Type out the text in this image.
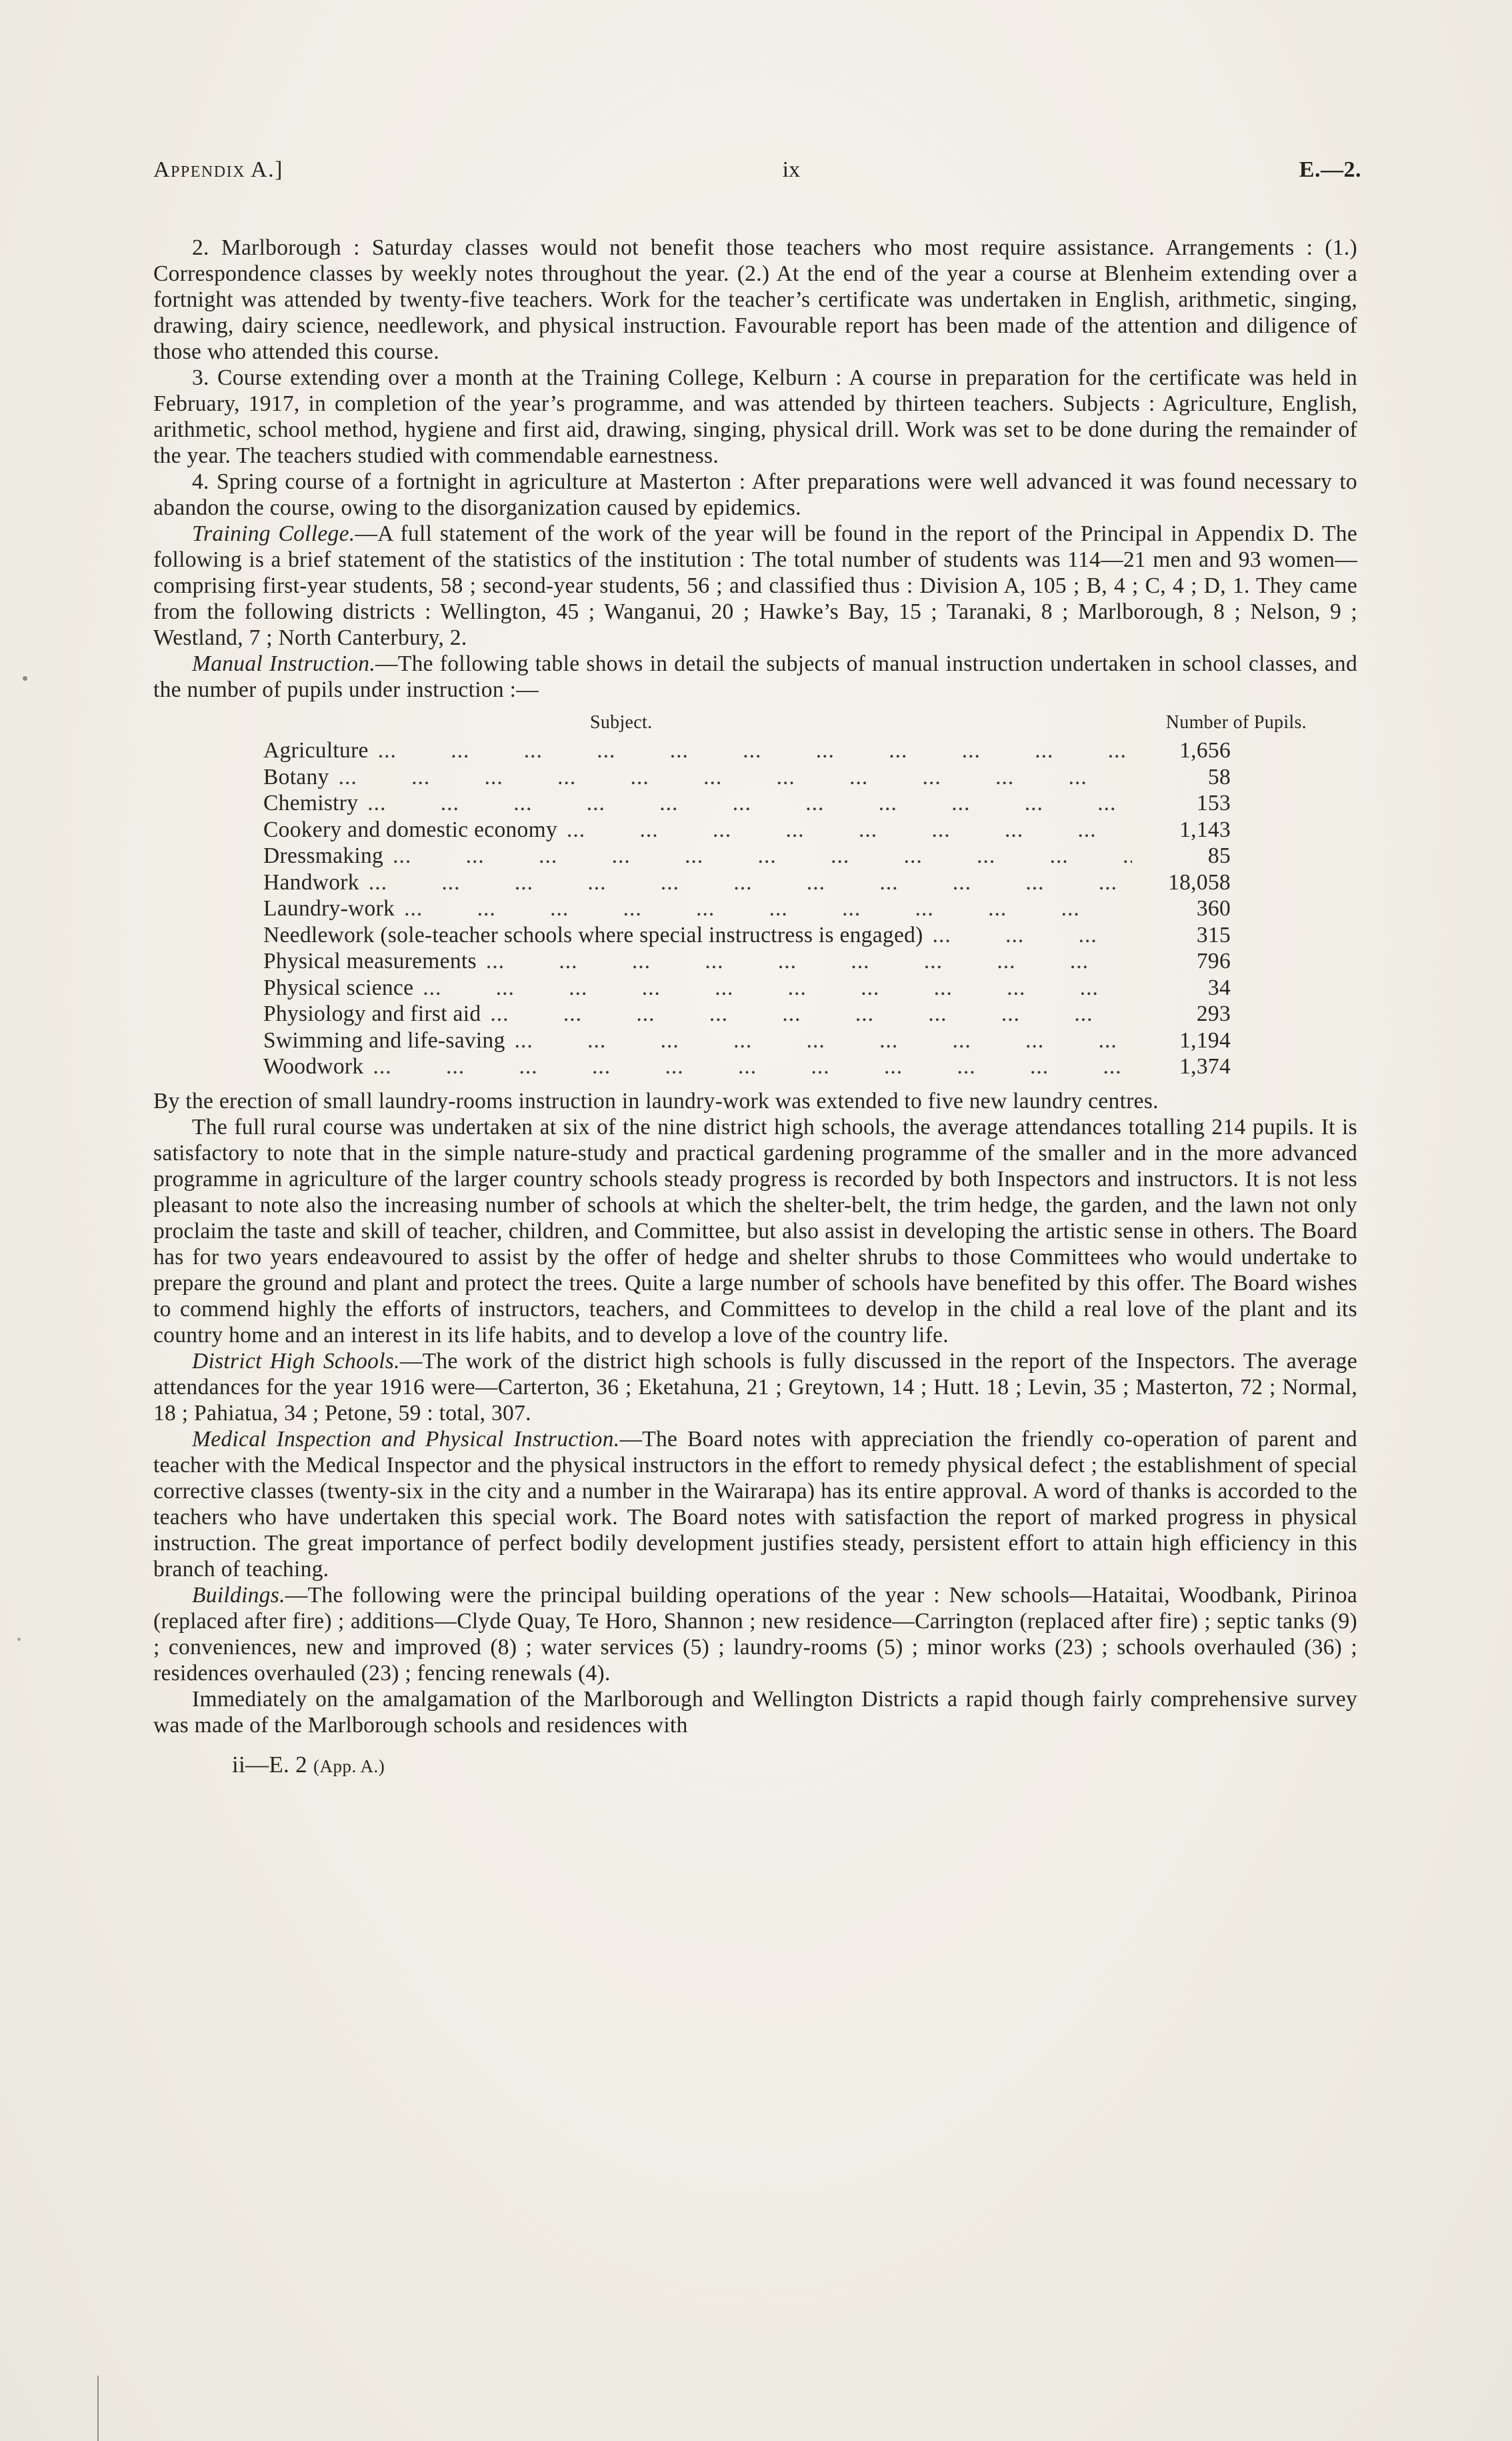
Appendix A.]	ix	E.—2.

2. Marlborough : Saturday classes would not benefit those teachers who most require assistance. Arrangements : (1.) Correspondence classes by weekly notes throughout the year. (2.) At the end of the year a course at Blenheim extending over a fortnight was attended by twenty-five teachers. Work for the teacher’s certificate was undertaken in English, arithmetic, singing, drawing, dairy science, needlework, and physical instruction. Favourable report has been made of the attention and diligence of those who attended this course.

3. Course extending over a month at the Training College, Kelburn : A course in preparation for the certificate was held in February, 1917, in completion of the year’s programme, and was attended by thirteen teachers. Subjects : Agriculture, English, arithmetic, school method, hygiene and first aid, drawing, singing, physical drill. Work was set to be done during the remainder of the year. The teachers studied with commendable earnestness.

4. Spring course of a fortnight in agriculture at Masterton : After preparations were well advanced it was found necessary to abandon the course, owing to the disorganization caused by epidemics.

Training College.—A full statement of the work of the year will be found in the report of the Principal in Appendix D. The following is a brief statement of the statistics of the institution : The total number of students was 114—21 men and 93 women—comprising first-year students, 58 ; second-year students, 56 ; and classified thus : Division A, 105 ; B, 4 ; C, 4 ; D, 1. They came from the following districts : Wellington, 45 ; Wanganui, 20 ; Hawke’s Bay, 15 ; Taranaki, 8 ; Marlborough, 8 ; Nelson, 9 ; Westland, 7 ; North Canterbury, 2.

Manual Instruction.—The following table shows in detail the subjects of manual instruction undertaken in school classes, and the number of pupils under instruction :—

Subject.	Number of Pupils.
Agriculture ... .	1,656
Botany ... .	58
Chemistry ... .	153
Cookery and domestic economy ... .	1,143
Dressmaking ... .	85
Handwork ... .	18,058
Laundry-work ... .	360
Needlework (sole-teacher schools where special instructress is engaged) ... .	315
Physical measurements ... .	796
Physical science ... .	34
Physiology and first aid ... .	293
Swimming and life-saving ... .	1,194
Woodwork ... .	1,374

By the erection of small laundry-rooms instruction in laundry-work was extended to five new laundry centres.

The full rural course was undertaken at six of the nine district high schools, the average attendances totalling 214 pupils. It is satisfactory to note that in the simple nature-study and practical gardening programme of the smaller and in the more advanced programme in agriculture of the larger country schools steady progress is recorded by both Inspectors and instructors. It is not less pleasant to note also the increasing number of schools at which the shelter-belt, the trim hedge, the garden, and the lawn not only proclaim the taste and skill of teacher, children, and Committee, but also assist in developing the artistic sense in others. The Board has for two years endeavoured to assist by the offer of hedge and shelter shrubs to those Committees who would undertake to prepare the ground and plant and protect the trees. Quite a large number of schools have benefited by this offer. The Board wishes to commend highly the efforts of instructors, teachers, and Committees to develop in the child a real love of the plant and its country home and an interest in its life habits, and to develop a love of the country life.

District High Schools.—The work of the district high schools is fully discussed in the report of the Inspectors. The average attendances for the year 1916 were—Carterton, 36 ; Eketahuna, 21 ; Greytown, 14 ; Hutt. 18 ; Levin, 35 ; Masterton, 72 ; Normal, 18 ; Pahiatua, 34 ; Petone, 59 : total, 307.

Medical Inspection and Physical Instruction.—The Board notes with appreciation the friendly co-operation of parent and teacher with the Medical Inspector and the physical instructors in the effort to remedy physical defect ; the establishment of special corrective classes (twenty-six in the city and a number in the Wairarapa) has its entire approval. A word of thanks is accorded to the teachers who have undertaken this special work. The Board notes with satisfaction the report of marked progress in physical instruction. The great importance of perfect bodily development justifies steady, persistent effort to attain high efficiency in this branch of teaching.

Buildings.—The following were the principal building operations of the year : New schools—Hataitai, Woodbank, Pirinoa (replaced after fire) ; additions—Clyde Quay, Te Horo, Shannon ; new residence—Carrington (replaced after fire) ; septic tanks (9) ; conveniences, new and improved (8) ; water services (5) ; laundry-rooms (5) ; minor works (23) ; schools overhauled (36) ; residences overhauled (23) ; fencing renewals (4).

Immediately on the amalgamation of the Marlborough and Wellington Districts a rapid though fairly comprehensive survey was made of the Marlborough schools and residences with

ii—E. 2 (App. A.)
